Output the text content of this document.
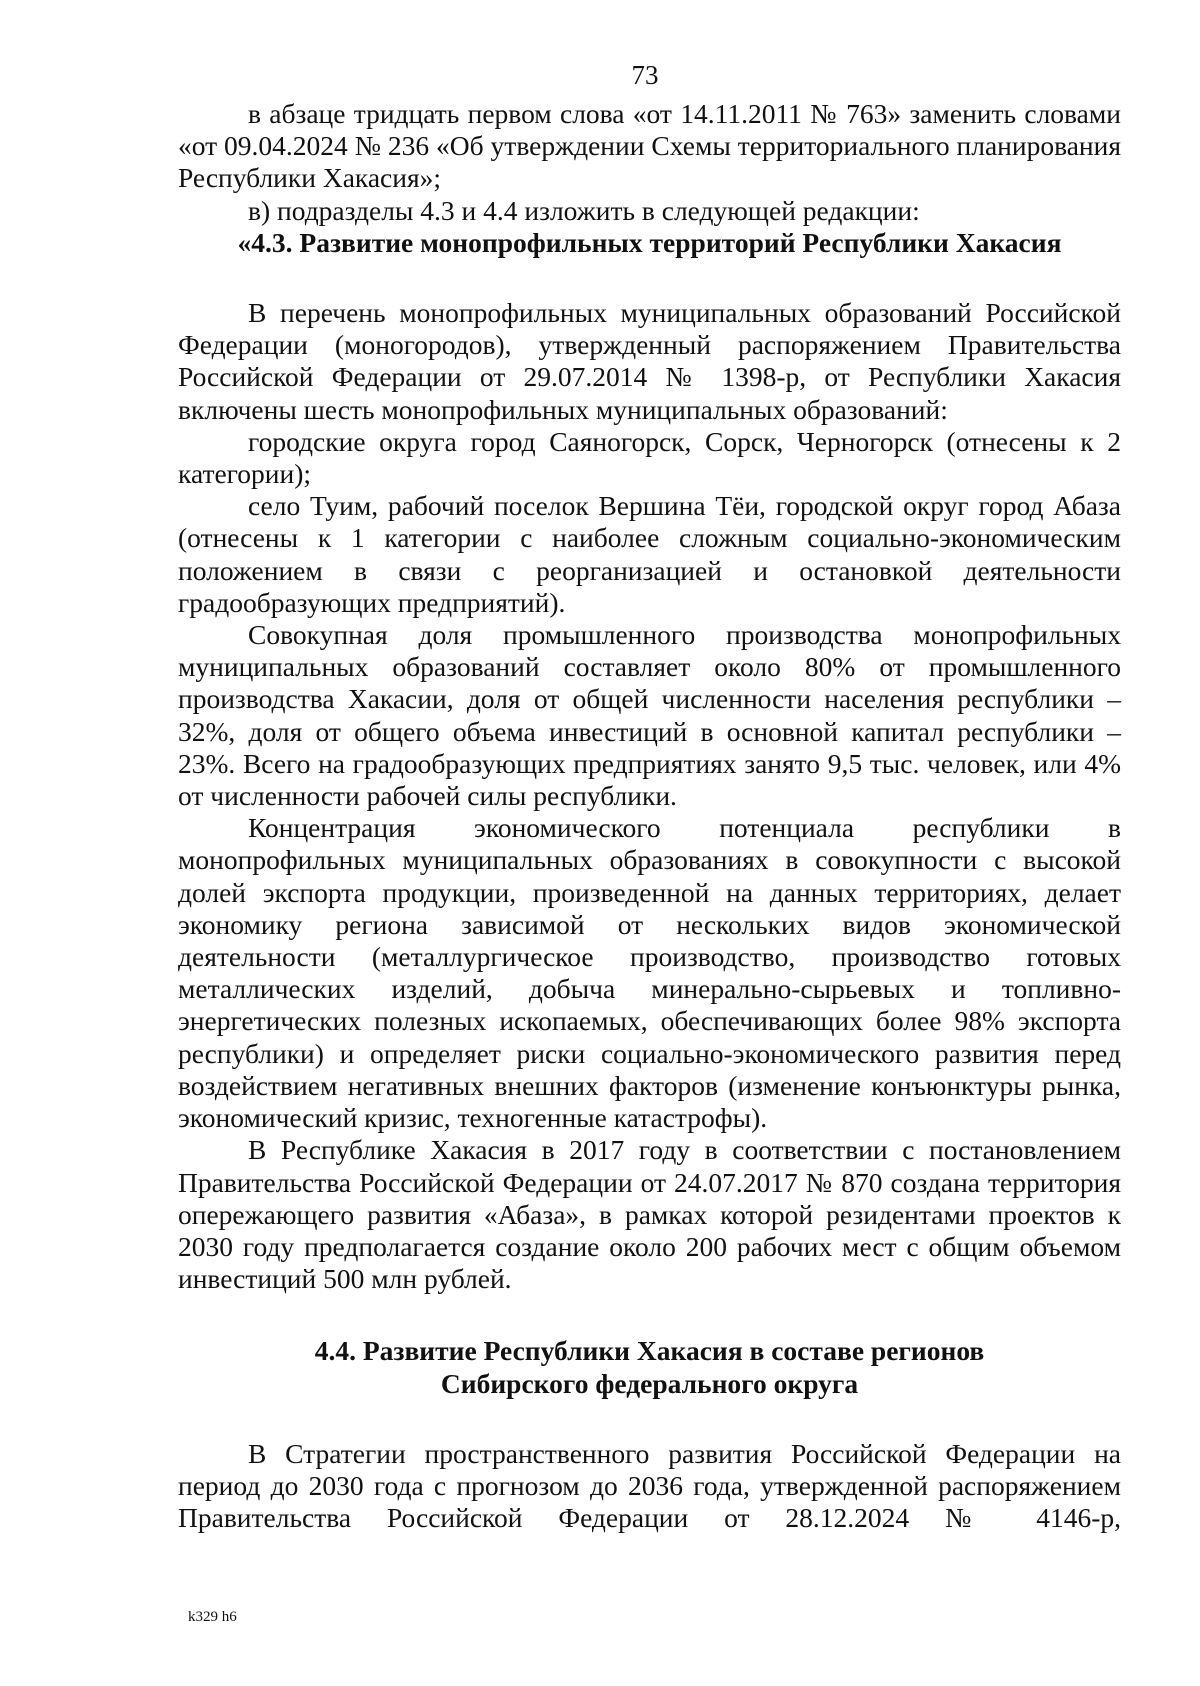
73

в абзаце тридцать первом слова «от 14.11.2011 № 763» заменить словами «от 09.04.2024 № 236 «Об утверждении Схемы территориального планирования Республики Хакасия»;

в) подразделы 4.3 и 4.4 изложить в следующей редакции:

«4.3. Развитие монопрофильных территорий Республики Хакасия

В перечень монопрофильных муниципальных образований Российской Федерации (моногородов), утвержденный распоряжением Правительства Российской Федерации от 29.07.2014 № 1398-р, от Республики Хакасия включены шесть монопрофильных муниципальных образований:

городские округа город Саяногорск, Сорск, Черногорск (отнесены к 2 категории);

село Туим, рабочий поселок Вершина Тёи, городской округ город Абаза (отнесены к 1 категории с наиболее сложным социально-экономическим положением в связи с реорганизацией и остановкой деятельности градообразующих предприятий).

Совокупная доля промышленного производства монопрофильных муниципальных образований составляет около 80% от промышленного производства Хакасии, доля от общей численности населения республики – 32%, доля от общего объема инвестиций в основной капитал республики – 23%. Всего на градообразующих предприятиях занято 9,5 тыс. человек, или 4% от численности рабочей силы республики.

Концентрация экономического потенциала республики в монопрофильных муниципальных образованиях в совокупности с высокой долей экспорта продукции, произведенной на данных территориях, делает экономику региона зависимой от нескольких видов экономической деятельности (металлургическое производство, производство готовых металлических изделий, добыча минерально-сырьевых и топливно-энергетических полезных ископаемых, обеспечивающих более 98% экспорта республики) и определяет риски социально-экономического развития перед воздействием негативных внешних факторов (изменение конъюнктуры рынка, экономический кризис, техногенные катастрофы).

В Республике Хакасия в 2017 году в соответствии с постановлением Правительства Российской Федерации от 24.07.2017 № 870 создана территория опережающего развития «Абаза», в рамках которой резидентами проектов к 2030 году предполагается создание около 200 рабочих мест с общим объемом инвестиций 500 млн рублей.

4.4. Развитие Республики Хакасия в составе регионов
Сибирского федерального округа

В Стратегии пространственного развития Российской Федерации на период до 2030 года с прогнозом до 2036 года, утвержденной распоряжением Правительства Российской Федерации от 28.12.2024 № 4146-р,

k329 h6
